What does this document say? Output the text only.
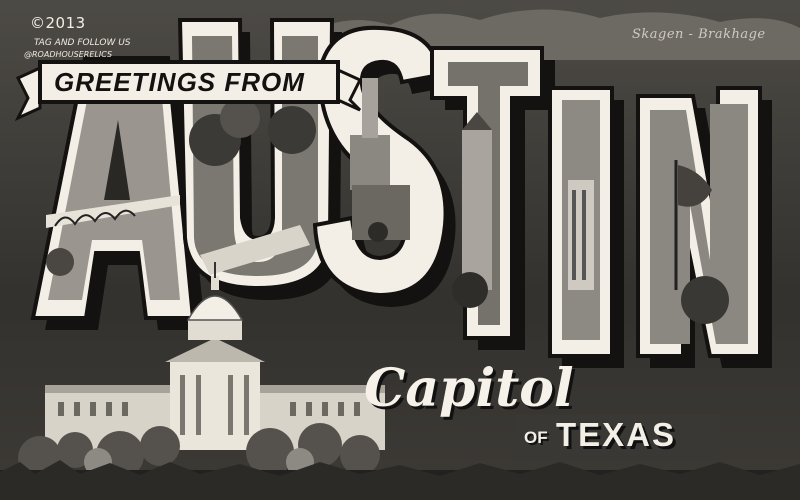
©2013
TAG AND FOLLOW US
@ROADHOUSERELICS
Skagen - Brakhage
GREETINGS FROM
Capitol
OF TEXAS
